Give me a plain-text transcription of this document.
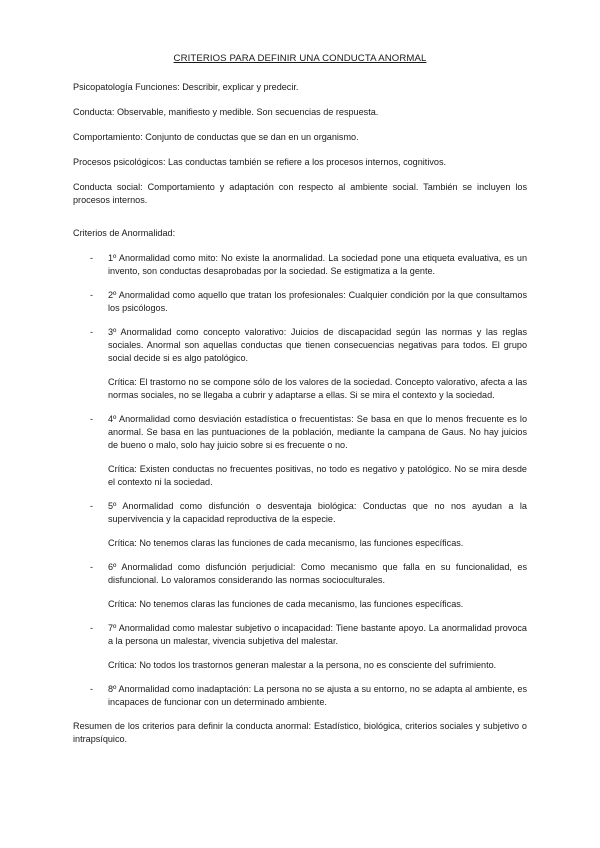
CRITERIOS PARA DEFINIR UNA CONDUCTA ANORMAL
Psicopatología Funciones: Describir, explicar y predecir.
Conducta: Observable, manifiesto y medible. Son secuencias de respuesta.
Comportamiento: Conjunto de conductas que se dan en un organismo.
Procesos psicológicos: Las conductas también se refiere a los procesos internos, cognitivos.
Conducta social: Comportamiento y adaptación con respecto al ambiente social. También se incluyen los procesos internos.
Criterios de Anormalidad:
- 1º Anormalidad como mito: No existe la anormalidad. La sociedad pone una etiqueta evaluativa, es un invento, son conductas desaprobadas por la sociedad. Se estigmatiza a la gente.
- 2º Anormalidad como aquello que tratan los profesionales: Cualquier condición por la que consultamos los psicólogos.
- 3º Anormalidad como concepto valorativo: Juicios de discapacidad según las normas y las reglas sociales. Anormal son aquellas conductas que tienen consecuencias negativas para todos. El grupo social decide si es algo patológico.
Crítica: El trastorno no se compone sólo de los valores de la sociedad. Concepto valorativo, afecta a las normas sociales, no se llegaba a cubrir y adaptarse a ellas. Si se mira el contexto y la sociedad.
- 4º Anormalidad como desviación estadística o frecuentistas: Se basa en que lo menos frecuente es lo anormal. Se basa en las puntuaciones de la población, mediante la campana de Gaus. No hay juicios de bueno o malo, solo hay juicio sobre si es frecuente o no.
Crítica: Existen conductas no frecuentes positivas, no todo es negativo y patológico. No se mira desde el contexto ni la sociedad.
- 5º Anormalidad como disfunción o desventaja biológica: Conductas que no nos ayudan a la supervivencia y la capacidad reproductiva de la especie.
Crítica: No tenemos claras las funciones de cada mecanismo, las funciones específicas.
- 6º Anormalidad como disfunción perjudicial: Como mecanismo que falla en su funcionalidad, es disfuncional. Lo valoramos considerando las normas socioculturales.
Crítica: No tenemos claras las funciones de cada mecanismo, las funciones específicas.
- 7º Anormalidad como malestar subjetivo o incapacidad: Tiene bastante apoyo. La anormalidad provoca a la persona un malestar, vivencia subjetiva del malestar.
Crítica: No todos los trastornos generan malestar a la persona, no es consciente del sufrimiento.
- 8º Anormalidad como inadaptación: La persona no se ajusta a su entorno, no se adapta al ambiente, es incapaces de funcionar con un determinado ambiente.
Resumen de los criterios para definir la conducta anormal: Estadístico, biológica, criterios sociales y subjetivo o intrapsíquico.
